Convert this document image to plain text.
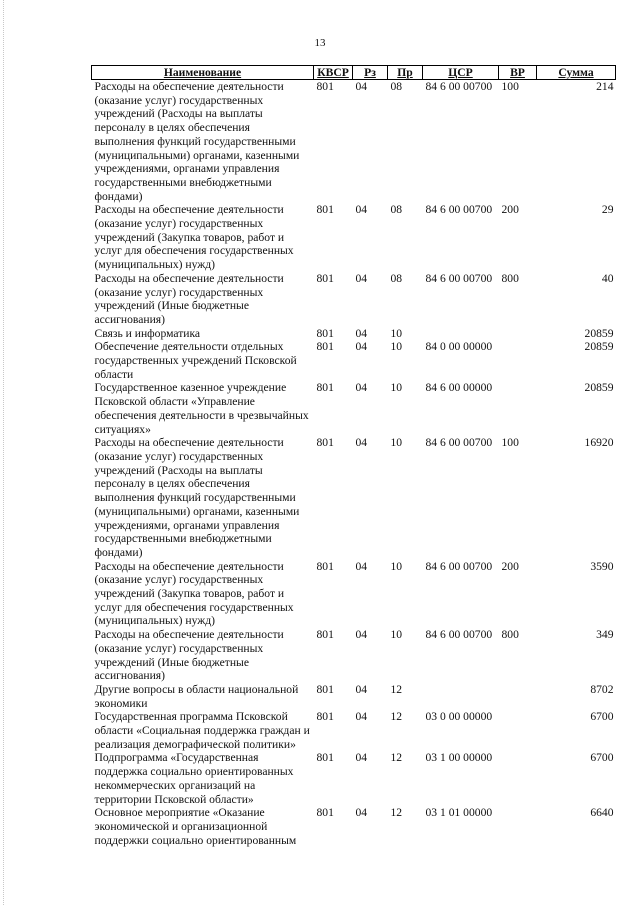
13
Наименование	КВСР	Рз	Пр	ЦСР	ВР	Сумма
Расходы на обеспечение деятельности (оказание услуг) государственных учреждений (Расходы на выплаты персоналу в целях обеспечения выполнения функций государственными (муниципальными) органами, казенными учреждениями, органами управления государственными внебюджетными фондами)	801	04	08	84 6 00 00700	100	214
Расходы на обеспечение деятельности (оказание услуг) государственных учреждений (Закупка товаров, работ и услуг для обеспечения государственных (муниципальных) нужд)	801	04	08	84 6 00 00700	200	29
Расходы на обеспечение деятельности (оказание услуг) государственных учреждений (Иные бюджетные ассигнования)	801	04	08	84 6 00 00700	800	40
Связь и информатика	801	04	10			20859
Обеспечение деятельности отдельных государственных учреждений Псковской области	801	04	10	84 0 00 00000		20859
Государственное казенное учреждение Псковской области «Управление обеспечения деятельности в чрезвычайных ситуациях»	801	04	10	84 6 00 00000		20859
Расходы на обеспечение деятельности (оказание услуг) государственных учреждений (Расходы на выплаты персоналу в целях обеспечения выполнения функций государственными (муниципальными) органами, казенными учреждениями, органами управления государственными внебюджетными фондами)	801	04	10	84 6 00 00700	100	16920
Расходы на обеспечение деятельности (оказание услуг) государственных учреждений (Закупка товаров, работ и услуг для обеспечения государственных (муниципальных) нужд)	801	04	10	84 6 00 00700	200	3590
Расходы на обеспечение деятельности (оказание услуг) государственных учреждений (Иные бюджетные ассигнования)	801	04	10	84 6 00 00700	800	349
Другие вопросы в области национальной экономики	801	04	12			8702
Государственная программа Псковской области «Социальная поддержка граждан и реализация демографической политики»	801	04	12	03 0 00 00000		6700
Подпрограмма «Государственная поддержка социально ориентированных некоммерческих организаций на территории Псковской области»	801	04	12	03 1 00 00000		6700
Основное мероприятие «Оказание экономической и организационной поддержки социально ориентированным	801	04	12	03 1 01 00000		6640
